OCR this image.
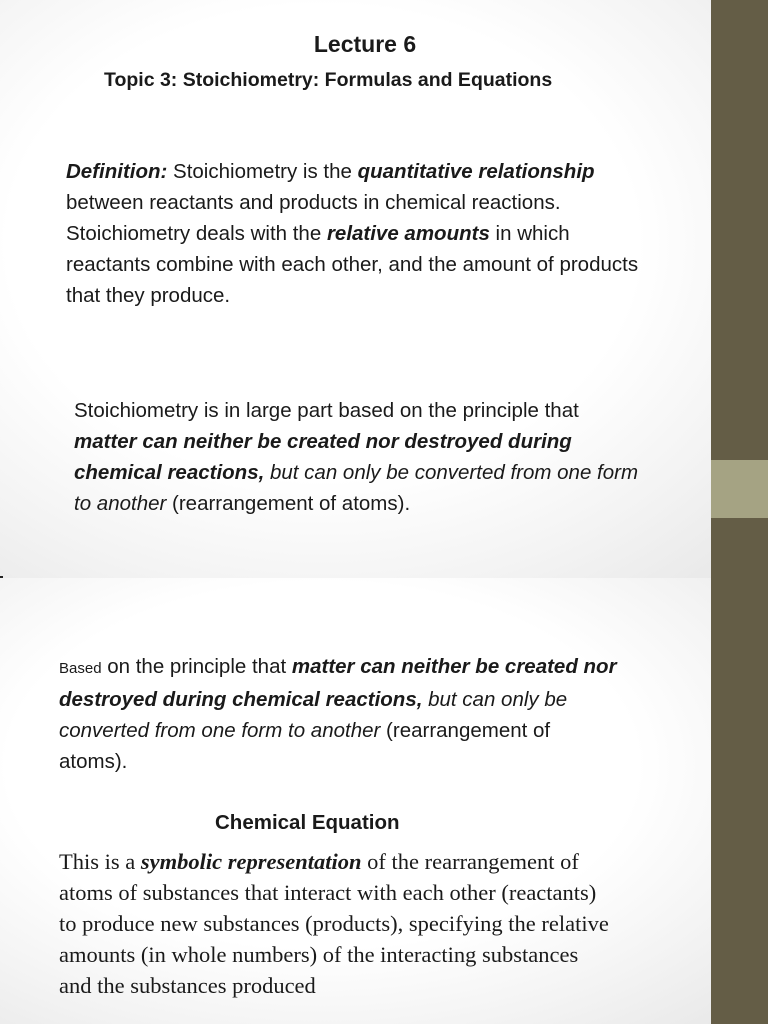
Lecture 6
Topic 3: Stoichiometry: Formulas and Equations
Definition: Stoichiometry is the quantitative relationship
between reactants and products in chemical reactions.
Stoichiometry deals with the relative amounts in which
reactants combine with each other, and the amount of products
that they produce.
Stoichiometry is in large part based on the principle that
matter can neither be created nor destroyed during
chemical reactions, but can only be converted from one form
to another (rearrangement of atoms).
Based on the principle that matter can neither be created nor
destroyed during chemical reactions, but can only be
converted from one form to another (rearrangement of
atoms).
Chemical Equation
This is a symbolic representation of the rearrangement of
atoms of substances that interact with each other (reactants)
to produce new substances (products), specifying the relative
amounts (in whole numbers) of the interacting substances
and the substances produced
